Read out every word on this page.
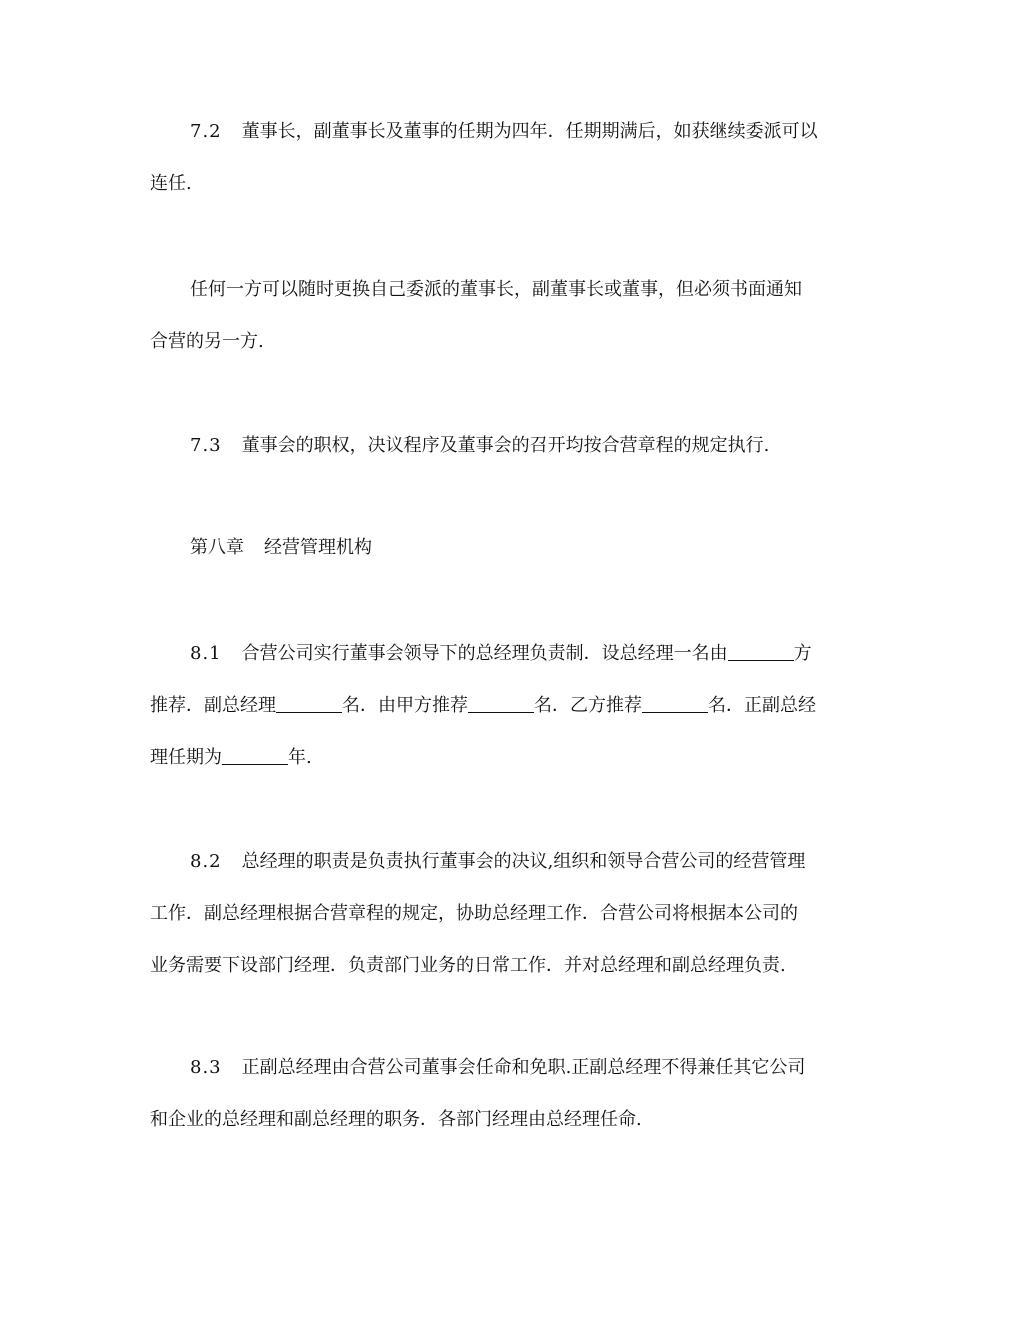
7.2 董事长，副董事长及董事的任期为四年．任期期满后，如获继续委派可以
连任.
任何一方可以随时更换自己委派的董事长，副董事长或董事，但必须书面通知
合营的另一方.
7.3 董事会的职权，决议程序及董事会的召开均按合营章程的规定执行.
第八章 经营管理机构
8.1 合营公司实行董事会领导下的总经理负责制．设总经理一名由	方
推荐．副总经理	名．由甲方推荐	名．乙方推荐	名．正副总经
理任期为	年.
8.2 总经理的职责是负责执行董事会的决议,组织和领导合营公司的经营管理
工作．副总经理根据合营章程的规定，协助总经理工作．合营公司将根据本公司的
业务需要下设部门经理．负责部门业务的日常工作．并对总经理和副总经理负责.
8.3 正副总经理由合营公司董事会任命和免职.正副总经理不得兼任其它公司
和企业的总经理和副总经理的职务．各部门经理由总经理任命.
